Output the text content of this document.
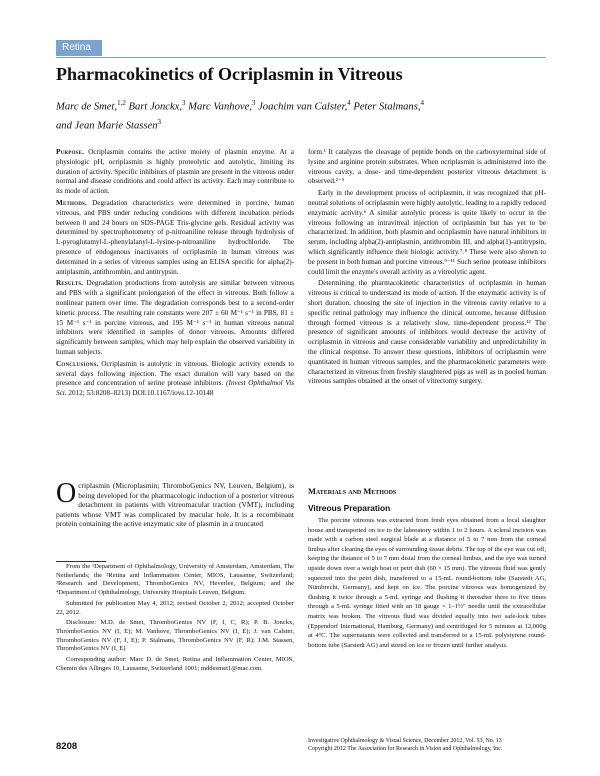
Retina
Pharmacokinetics of Ocriplasmin in Vitreous
Marc de Smet,$^{1,2}$ Bart Jonckx,$^3$ Marc Vanhove,$^3$ Joachim van Calster,$^4$ Peter Stalmans,$^4$
and Jean Marie Stassen$^3$

Purpose. Ocriplasmin contains the active moiety of plasmin enzyme. At a physiologic pH, ocriplasmin is highly proteolytic and autolytic, limiting its duration of activity. Specific inhibitors of plasmin are present in the vitreous under normal and disease conditions and could affect its activity. Each may contribute to its mode of action.

Methods. Degradation characteristics were determined in porcine, human vitreous, and PBS under reducing conditions with different incubation periods between 0 and 24 hours on SDS-PAGE Tris-glycine gels. Residual activity was determined by spectrophotometry of p-nitroaniline release through hydrolysis of L-pyroglutamyl-L-phenylalanyl-L-lysine-p-nitroaniline hydrochloride. The presence of endogenous inactivators of ocriplasmin in human vitreous was determined in a series of vitreous samples using an ELISA specific for alpha(2)-antiplasmin, antithrombin, and antitrypsin.

Results. Degradation productions from autolysis are similar between vitreous and PBS with a significant prolongation of the effect in vitreous. Both follow a nonlinear pattern over time. The degradation corresponds best to a second-order kinetic process. The resulting rate constants were 207 ± 60 M⁻¹ s⁻¹ in PBS, 81 ± 15 M⁻¹ s⁻¹ in porcine vitreous, and 195 M⁻¹ s⁻¹ in human vitreous natural inhibitors were identified in samples of donor vitreous. Amounts differed significantly between samples, which may help explain the observed variability in human subjects.

Conclusions. Ocriplasmin is autolytic in vitreous. Biologic activity extends to several days following injection. The exact duration will vary based on the presence and concentration of serine protease inhibitors. (Invest Ophthalmol Vis Sci. 2012; 53:8208–8213) DOI:10.1167/iovs.12-10148

Ocriplasmin (Microplasmin; ThromboGenics NV, Leuven, Belgium), is being developed for the pharmacologic induction of a posterior vitreous detachment in patients with vitreomacular traction (VMT), including patients whose VMT was complicated by macular hole. It is a recombinant protein containing the active enzymatic site of plasmin in a truncated

From the ¹Department of Ophthalmology, University of Amsterdam, Amsterdam, The Netherlands; the ²Retina and Inflammation Center, MIOS, Lausanne, Switzerland; ³Research and Development, ThromboGenics NV, Heverlee, Belgium; and the ⁴Department of Ophthalmology, University Hospitals Leuven, Belgium.

Submitted for publication May 4, 2012; revised October 2, 2012; accepted October 22, 2012.

Disclosure: M.D. de Smet, ThromboGenics NV (F, I, C, R); P. B. Jonckx, ThromboGenics NV (I, E); M. Vanhove, ThromboGenics NV (I, E); J. van Calster, ThromboGenics NV (F, I, E); P. Stalmans, ThromboGenics NV (F, R); J.M. Stassen, ThromboGenics NV (I, E)

Corresponding author: Marc D. de Smet, Retina and Inflammation Center, MIOS, Chemin des Allinges 10, Lausanne, Switzerland 1001; mddesmet1@mac.com.

form.¹ It catalyzes the cleavage of peptide bonds on the carboxyterminal side of lysine and arginine protein substrates. When ocriplasmin is administered into the vitreous cavity, a dose- and time-dependent posterior vitreous detachment is observed.²⁻⁵

Early in the development process of ocriplasmin, it was recognized that pH-neutral solutions of ocriplasmin were highly autolytic, leading to a rapidly reduced enzymatic activity.⁶ A similar autolytic process is quite likely to occur in the vitreous following an intravitreal injection of ocriplasmin but has yet to be characterized. In addition, both plasmin and ocriplasmin have natural inhibitors in serum, including alpha(2)-antiplasmin, antithrombin III, and alpha(1)-antitrypsin, which significantly influence their biologic activity.⁷˒⁸ These were also shown to be present in both human and porcine vitreous.⁹⁻¹¹ Such serine protease inhibitors could limit the enzyme's overall activity as a vitreolytic agent.

Determining the pharmacokinetic characteristics of ocriplasmin in human vitreous is critical to understand its mode of action. If the enzymatic activity is of short duration, choosing the site of injection in the vitreous cavity relative to a specific retinal pathology may influence the clinical outcome, because diffusion through formed vitreous is a relatively slow, time-dependent process.¹² The presence of significant amounts of inhibitors would decrease the activity of ocriplasmin in vitreous and cause considerable variability and unpredictability in the clinical response. To answer these questions, inhibitors of ocriplasmin were quantitated in human vitreous samples, and the pharmacokinetic parameters were characterized in vitreous from freshly slaughtered pigs as well as in pooled human vitreous samples obtained at the onset of vitrectomy surgery.

Materials and Methods
Vitreous Preparation

The porcine vitreous was extracted from fresh eyes obtained from a local slaughter house and transported on ice to the laboratory within 1 to 2 hours. A scleral incision was made with a carbon steel surgical blade at a distance of 5 to 7 mm from the corneal limbus after cleaning the eyes of surrounding tissue debris. The top of the eye was cut off, keeping the distance of 5 to 7 mm distal from the corneal limbus, and the eye was turned upside down over a weigh boat or petri dish (60 × 15 mm). The vitreous fluid was gently squeezed into the petri dish, transferred to a 15-mL round-bottom tube (Sarstedt AG, Nümbrecht, Germany), and kept on ice. The porcine vitreous was homogenized by flushing it twice through a 5-mL syringe and flushing it thereafter three to five times through a 5-mL syringe fitted with an 18 gauge × 1–1½″ needle until the extracellular matrix was broken. The vitreous fluid was divided equally into two safe-lock tubes (Eppendorf International, Hamburg, Germany) and centrifuged for 5 minutes at 12,000g at 4°C. The supernatants were collected and transferred to a 15-mL polystyrene round-bottom tube (Sarstedt AG) and stored on ice or frozen until further analysis.

8208	Investigative Ophthalmology & Visual Science, December 2012, Vol. 53, No. 13
Copyright 2012 The Association for Research in Vision and Ophthalmology, Inc.
